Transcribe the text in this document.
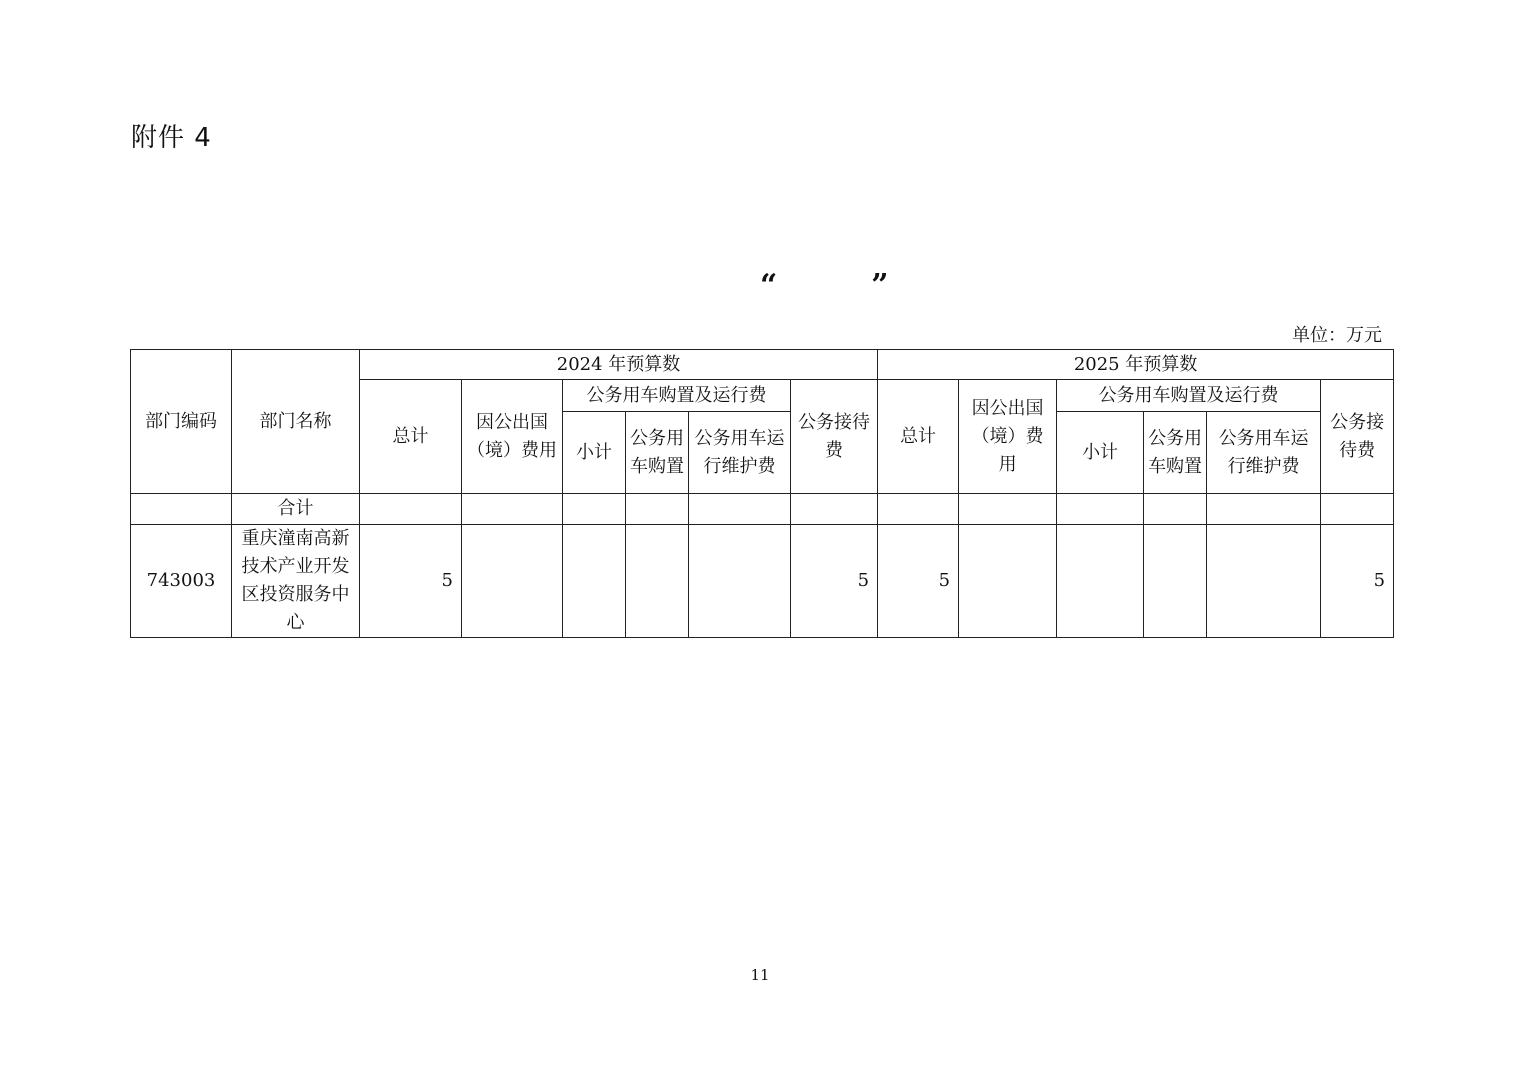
附件 4
“         ”
单位：万元
部门编码	部门名称	2024 年预算数						2025 年预算数					
		总计	因公出国（境）费用	公务用车购置及运行费			公务接待费	总计	因公出国（境）费用	公务用车购置及运行费			公务接待费
				小计	公务用车购置	公务用车运行维护费				小计	公务用车购置	公务用车运行维护费	
	合计												
743003	重庆潼南高新技术产业开发区投资服务中心	5					5	5					5
11
